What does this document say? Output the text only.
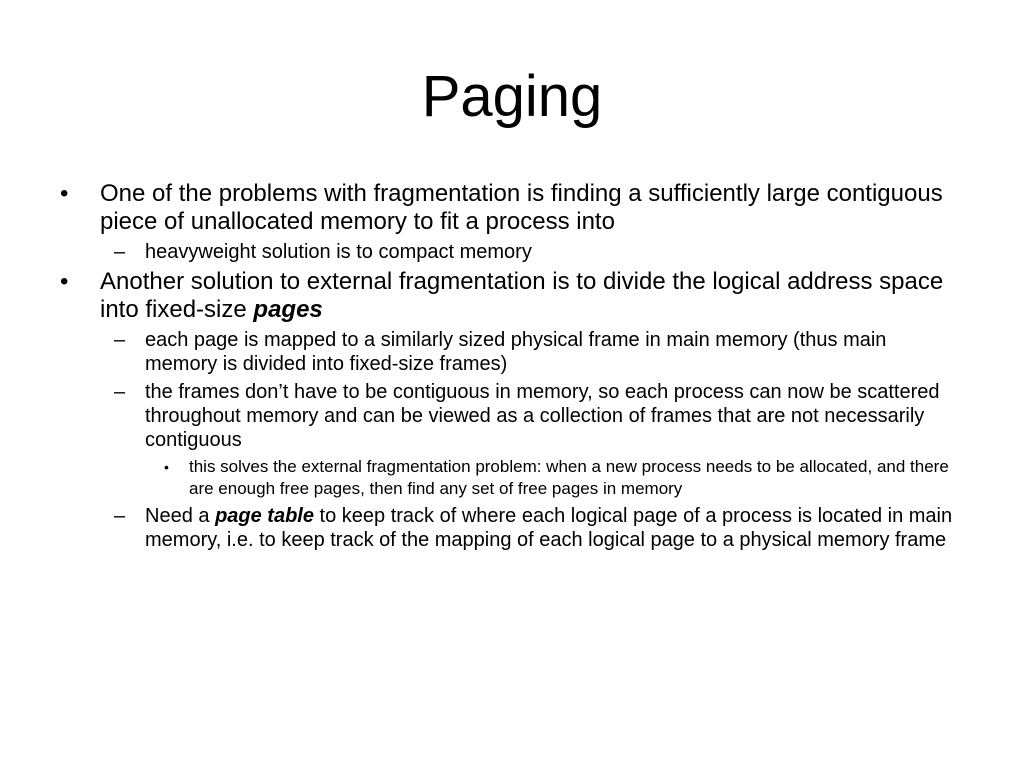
Paging
• One of the problems with fragmentation is finding a sufficiently large contiguous piece of unallocated memory to fit a process into
– heavyweight solution is to compact memory
• Another solution to external fragmentation is to divide the logical address space into fixed-size pages
– each page is mapped to a similarly sized physical frame in main memory (thus main memory is divided into fixed-size frames)
– the frames don’t have to be contiguous in memory, so each process can now be scattered throughout memory and can be viewed as a collection of frames that are not necessarily contiguous
• this solves the external fragmentation problem: when a new process needs to be allocated, and there are enough free pages, then find any set of free pages in memory
– Need a page table to keep track of where each logical page of a process is located in main memory, i.e. to keep track of the mapping of each logical page to a physical memory frame
